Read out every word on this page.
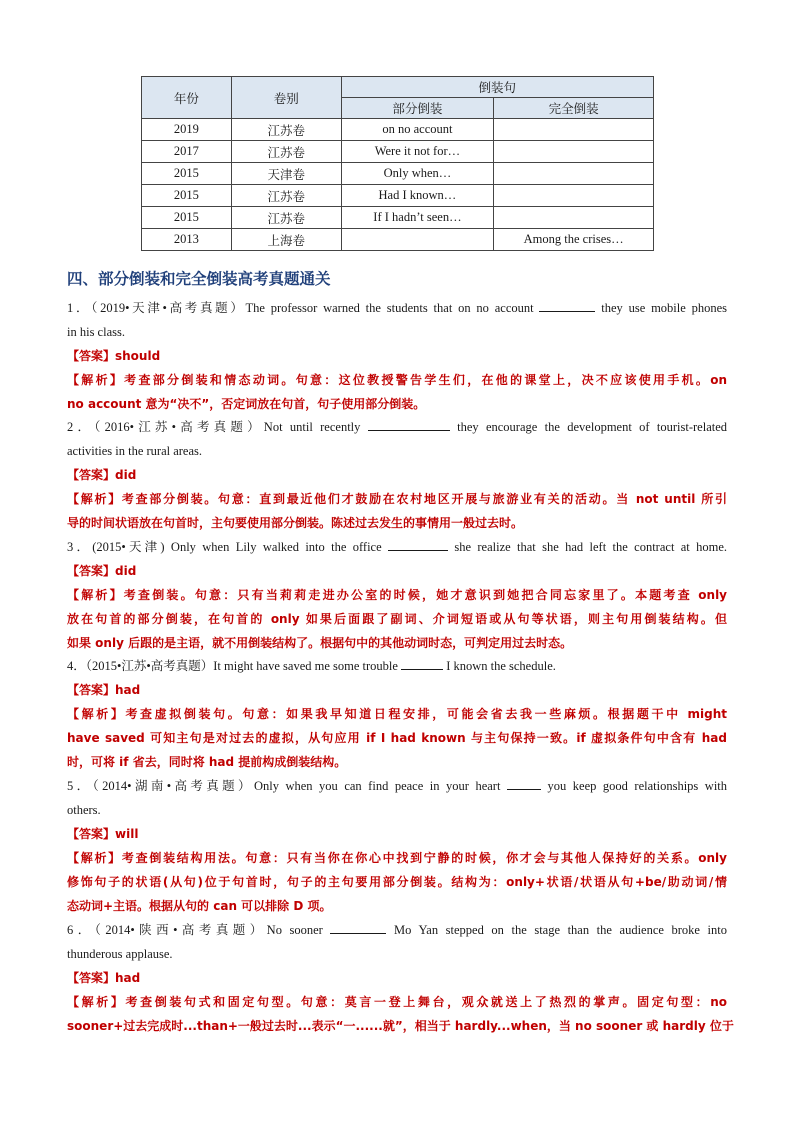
年份	卷别	倒装句	
		部分倒装	完全倒装
2019	江苏卷	on no account	
2017	江苏卷	Were it not for…	
2015	天津卷	Only when…	
2015	江苏卷	Had I known…	
2015	江苏卷	If I hadn’t seen…	
2013	上海卷		Among the crises…
四、部分倒装和完全倒装高考真题通关
1．（2019•天津•高考真题）The professor warned the students that on no account	they use mobile phones
in his class.
【答案】should
【解析】考查部分倒装和情态动词。句意：这位教授警告学生们，在他的课堂上，决不应该使用手机。on
no account 意为“决不”，否定词放在句首，句子使用部分倒装。
2．（2016•江苏•高考真题）Not until recently	they encourage the development of tourist-related
activities in the rural areas.
【答案】did
【解析】考查部分倒装。句意：直到最近他们才鼓励在农村地区开展与旅游业有关的活动。当 not until 所引
导的时间状语放在句首时，主句要使用部分倒装。陈述过去发生的事情用一般过去时。
3．(2015•天津) Only when Lily walked into the office	she realize that she had left the contract at home.
【答案】did
【解析】考查倒装。句意：只有当莉莉走进办公室的时候，她才意识到她把合同忘家里了。本题考查 only
放在句首的部分倒装，在句首的 only 如果后面跟了副词、介词短语或从句等状语，则主句用倒装结构。但
如果 only 后跟的是主语，就不用倒装结构了。根据句中的其他动词时态，可判定用过去时态。
4．（2015•江苏•高考真题）It might have saved me some trouble	I known the schedule.
【答案】had
【解析】考查虚拟倒装句。句意：如果我早知道日程安排，可能会省去我一些麻烦。根据题干中 might
have saved 可知主句是对过去的虚拟，从句应用 if I had known 与主句保持一致。if 虚拟条件句中含有 had
时，可将 if 省去，同时将 had 提前构成倒装结构。
5．（2014•湖南•高考真题）Only when you can find peace in your heart	you keep good relationships with
others.
【答案】will
【解析】考查倒装结构用法。句意：只有当你在你心中找到宁静的时候，你才会与其他人保持好的关系。only
修饰句子的状语(从句)位于句首时，句子的主句要用部分倒装。结构为：only+状语/状语从句+be/助动词/情
态动词+主语。根据从句的 can 可以排除 D 项。
6．（2014•陕西•高考真题）No sooner	Mo Yan stepped on the stage than the audience broke into
thunderous applause.
【答案】had
【解析】考查倒装句式和固定句型。句意：莫言一登上舞台，观众就送上了热烈的掌声。固定句型：no
sooner+过去完成时...than+一般过去时...表示“一......就”，相当于 hardly...when，当 no sooner 或 hardly 位于
